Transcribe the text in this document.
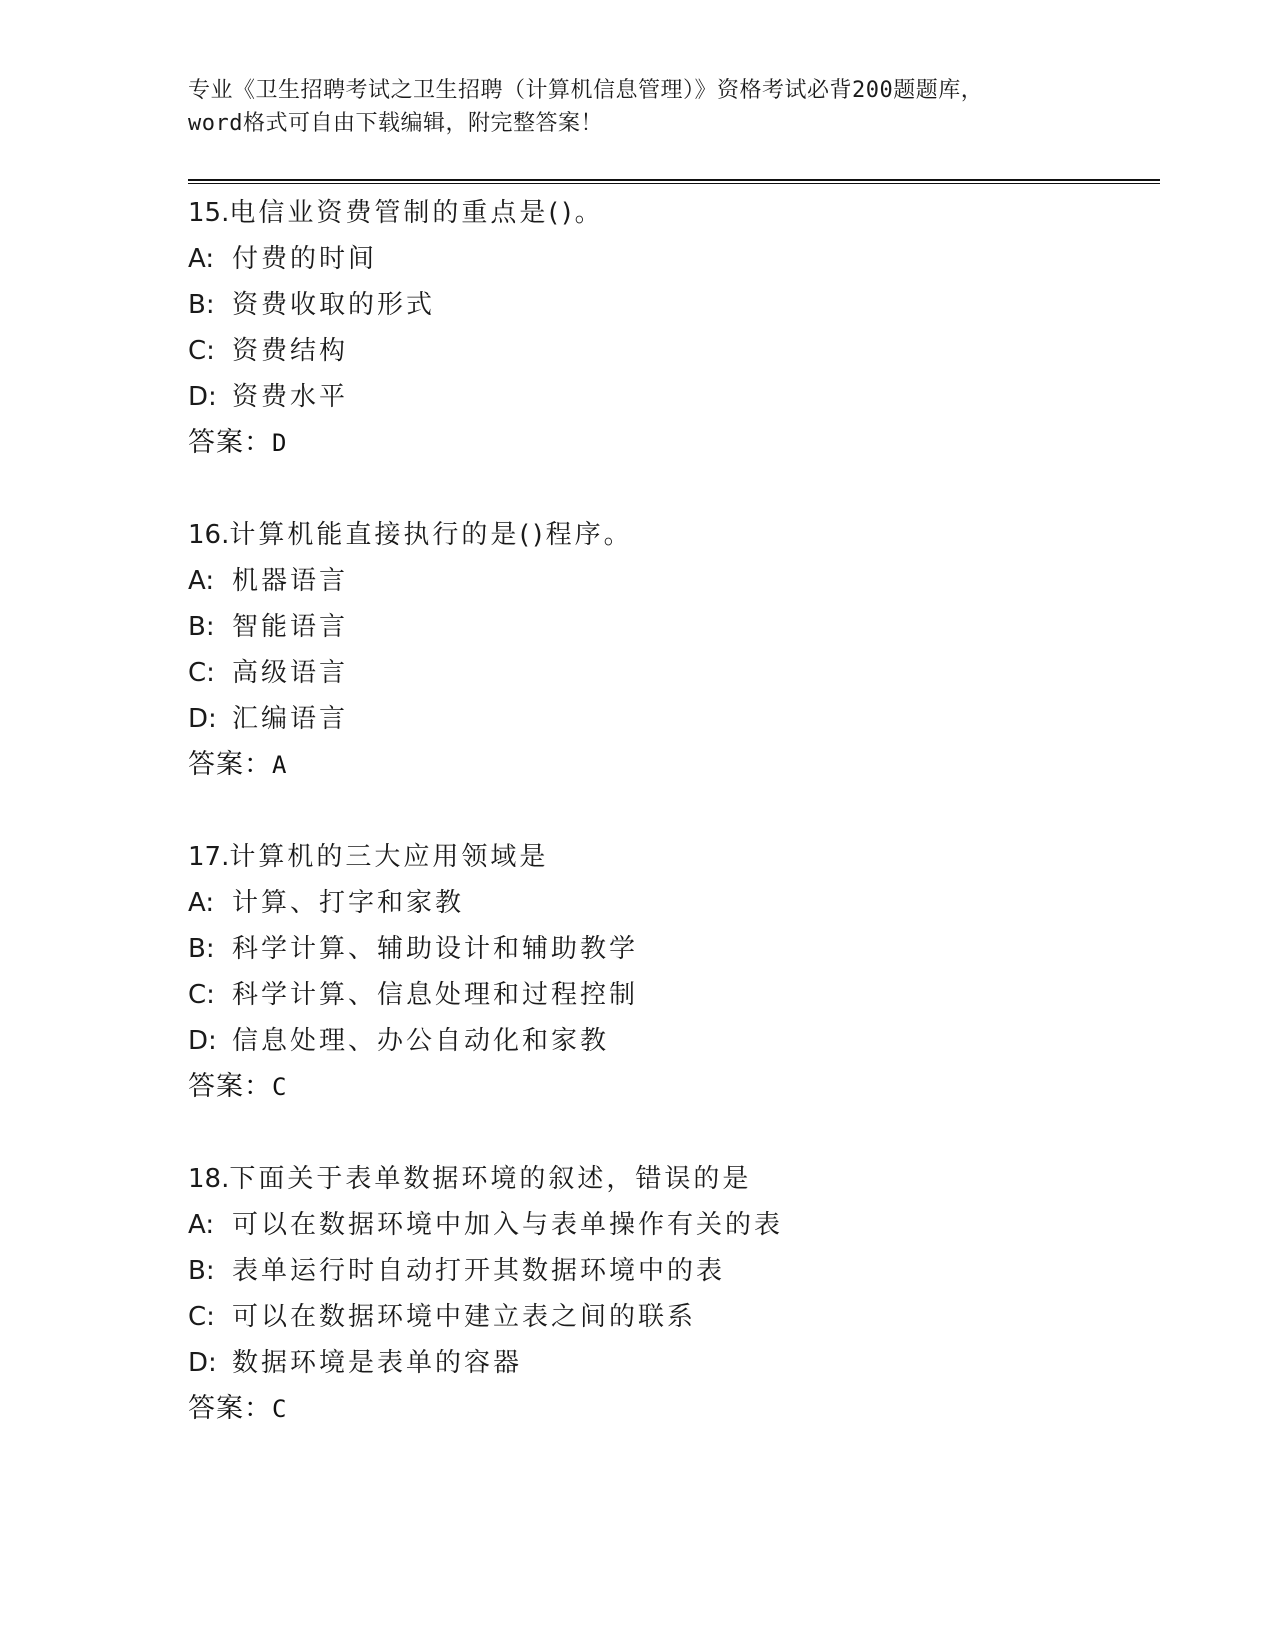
专业《卫生招聘考试之卫生招聘（计算机信息管理）》资格考试必背200题题库，
word格式可自由下载编辑，附完整答案！
15.电信业资费管制的重点是()。
A: 付费的时间
B: 资费收取的形式
C: 资费结构
D: 资费水平
答案：D
16.计算机能直接执行的是()程序。
A: 机器语言
B: 智能语言
C: 高级语言
D: 汇编语言
答案：A
17.计算机的三大应用领域是
A: 计算、打字和家教
B: 科学计算、辅助设计和辅助教学
C: 科学计算、信息处理和过程控制
D: 信息处理、办公自动化和家教
答案：C
18.下面关于表单数据环境的叙述，错误的是
A: 可以在数据环境中加入与表单操作有关的表
B: 表单运行时自动打开其数据环境中的表
C: 可以在数据环境中建立表之间的联系
D: 数据环境是表单的容器
答案：C
